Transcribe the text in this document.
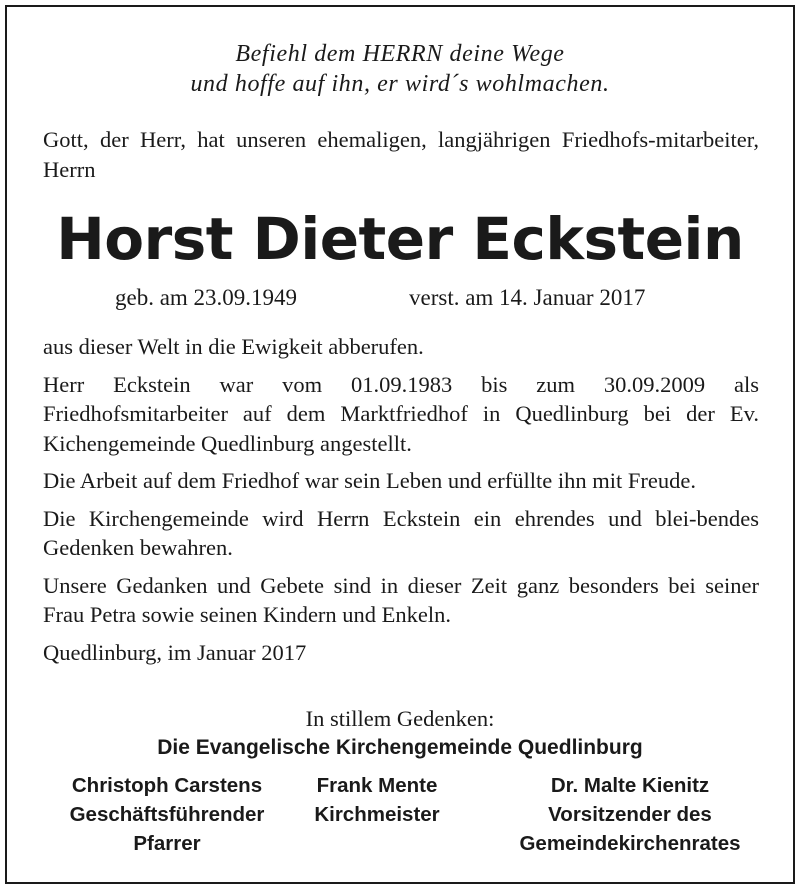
Befiehl dem HERRN deine Wege
und hoffe auf ihn, er wird´s wohlmachen.
Gott, der Herr, hat unseren ehemaligen, langjährigen Friedhofs-mitarbeiter, Herrn
Horst Dieter Eckstein
geb. am 23.09.1949	verst. am 14. Januar 2017

aus dieser Welt in die Ewigkeit abberufen.

Herr Eckstein war vom 01.09.1983 bis zum 30.09.2009 als Friedhofsmitarbeiter auf dem Marktfriedhof in Quedlinburg bei der Ev. Kichengemeinde Quedlinburg angestellt.

Die Arbeit auf dem Friedhof war sein Leben und erfüllte ihn mit Freude.

Die Kirchengemeinde wird Herrn Eckstein ein ehrendes und blei-bendes Gedenken bewahren.

Unsere Gedanken und Gebete sind in dieser Zeit ganz besonders bei seiner Frau Petra sowie seinen Kindern und Enkeln.

Quedlinburg, im Januar 2017
In stillem Gedenken:
Die Evangelische Kirchengemeinde Quedlinburg
Christoph Carstens
Geschäftsführender
Pfarrer
Frank Mente
Kirchmeister
Dr. Malte Kienitz
Vorsitzender des
Gemeindekirchenrates
